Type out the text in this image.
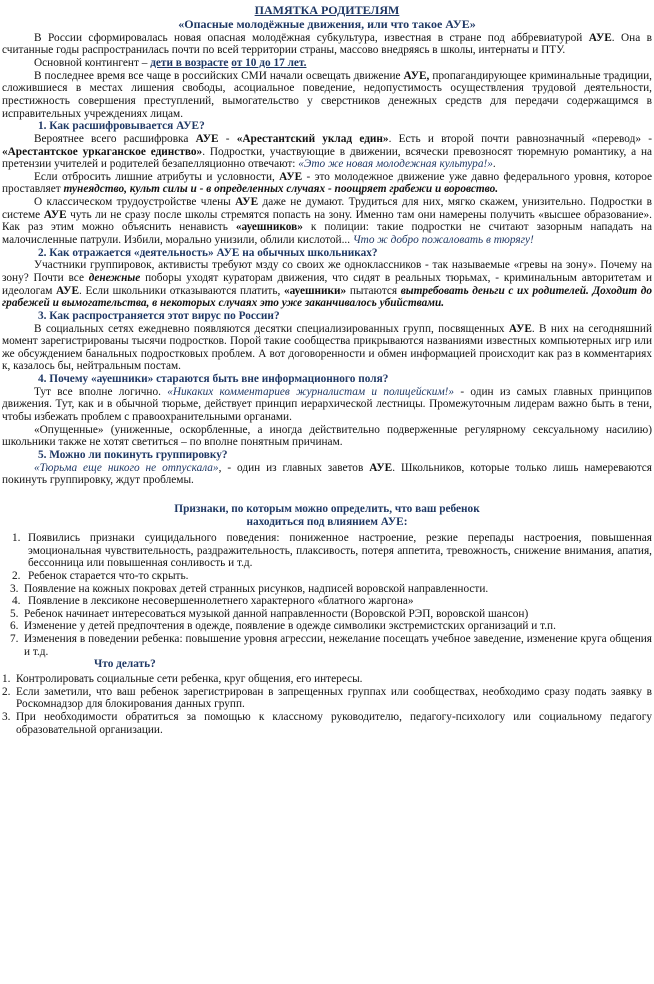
ПАМЯТКА РОДИТЕЛЯМ

«Опасные молодёжные движения, или что такое АУЕ»

В России сформировалась новая опасная молодёжная субкультура, известная в стране под аббревиатурой АУЕ. Она в считанные годы распространилась почти по всей территории страны, массово внедряясь в школы, интернаты и ПТУ.

Основной контингент – дети в возрасте от 10 до 17 лет.

В последнее время все чаще в российских СМИ начали освещать движение АУЕ, пропагандирующее криминальные традиции, сложившиеся в местах лишения свободы, асоциальное поведение, недопустимость осуществления трудовой деятельности, престижность совершения преступлений, вымогательство у сверстников денежных средств для передачи содержащимся в исправительных учреждениях лицам.

1. Как расшифровывается АУЕ?

Вероятнее всего расшифровка АУЕ - «Арестантский уклад един». Есть и второй почти равнозначный «перевод» - «Арестантское уркаганское единство». Подростки, участвующие в движении, всячески превозносят тюремную романтику, а на претензии учителей и родителей безапелляционно отвечают: «Это же новая молодежная культура!».

Если отбросить лишние атрибуты и условности, АУЕ - это молодежное движение уже давно федерального уровня, которое проставляет тунеядство, культ силы и - в определенных случаях - поощряет грабежи и воровство.

О классическом трудоустройстве члены АУЕ даже не думают. Трудиться для них, мягко скажем, унизительно. Подростки в системе АУЕ чуть ли не сразу после школы стремятся попасть на зону. Именно там они намерены получить «высшее образование». Как раз этим можно объяснить ненависть «ауешников» к полиции: такие подростки не считают зазорным нападать на малочисленные патрули. Избили, морально унизили, облили кислотой... Что ж добро пожаловать в тюрягу!

2. Как отражается «деятельность» АУЕ на обычных школьниках?

Участники группировок, активисты требуют мзду со своих же одноклассников - так называемые «гревы на зону». Почему на зону? Почти все денежные поборы уходят кураторам движения, что сидят в реальных тюрьмах, - криминальным авторитетам и идеологам АУЕ. Если школьники отказываются платить, «ауешники» пытаются вытребовать деньги с их родителей. Доходит до грабежей и вымогательства, в некоторых случаях это уже заканчивалось убийствами.

3. Как распространяется этот вирус по России?

В социальных сетях ежедневно появляются десятки специализированных групп, посвященных АУЕ. В них на сегодняшний момент зарегистрированы тысячи подростков. Порой такие сообщества прикрываются названиями известных компьютерных игр или же обсуждением банальных подростковых проблем. А вот договоренности и обмен информацией происходит как раз в комментариях к, казалось бы, нейтральным постам.

4. Почему «ауешники» стараются быть вне информационного поля?

Тут все вполне логично. «Никаких комментариев журналистам и полицейским!» - один из самых главных принципов движения. Тут, как и в обычной тюрьме, действует принцип иерархической лестницы. Промежуточным лидерам важно быть в тени, чтобы избежать проблем с правоохранительными органами.

«Опущенные» (униженные, оскорбленные, а иногда действительно подверженные регулярному сексуальному насилию) школьники также не хотят светиться – по вполне понятным причинам.

5. Можно ли покинуть группировку?

«Тюрьма еще никого не отпускала», - один из главных заветов АУЕ. Школьников, которые только лишь намереваются покинуть группировку, ждут проблемы.

Признаки, по которым можно определить, что ваш ребенок
находиться под влиянием АУЕ:
1. Появились признаки суицидального поведения: пониженное настроение, резкие перепады настроения, повышенная эмоциональная чувствительность, раздражительность, плаксивость, потеря аппетита, тревожность, снижение внимания, апатия, бессонница или повышенная сонливость и т.д.
2. Ребенок старается что-то скрыть.
3. Появление на кожных покровах детей странных рисунков, надписей воровской направленности.
4. Появление в лексиконе несовершеннолетнего характерного «блатного жаргона»
5. Ребенок начинает интересоваться музыкой данной направленности (Воровской РЭП, воровской шансон)
6. Изменение у детей предпочтения в одежде, появление в одежде символики экстремистских организаций и т.п.
7. Изменения в поведении ребенка: повышение уровня агрессии, нежелание посещать учебное заведение, изменение круга общения и т.д.

Что делать?

1. Контролировать социальные сети ребенка, круг общения, его интересы.
2. Если заметили, что ваш ребенок зарегистрирован в запрещенных группах или сообществах, необходимо сразу подать заявку в Роскомнадзор для блокирования данных групп.
3. При необходимости обратиться за помощью к классному руководителю, педагогу-психологу или социальному педагогу образовательной организации.
